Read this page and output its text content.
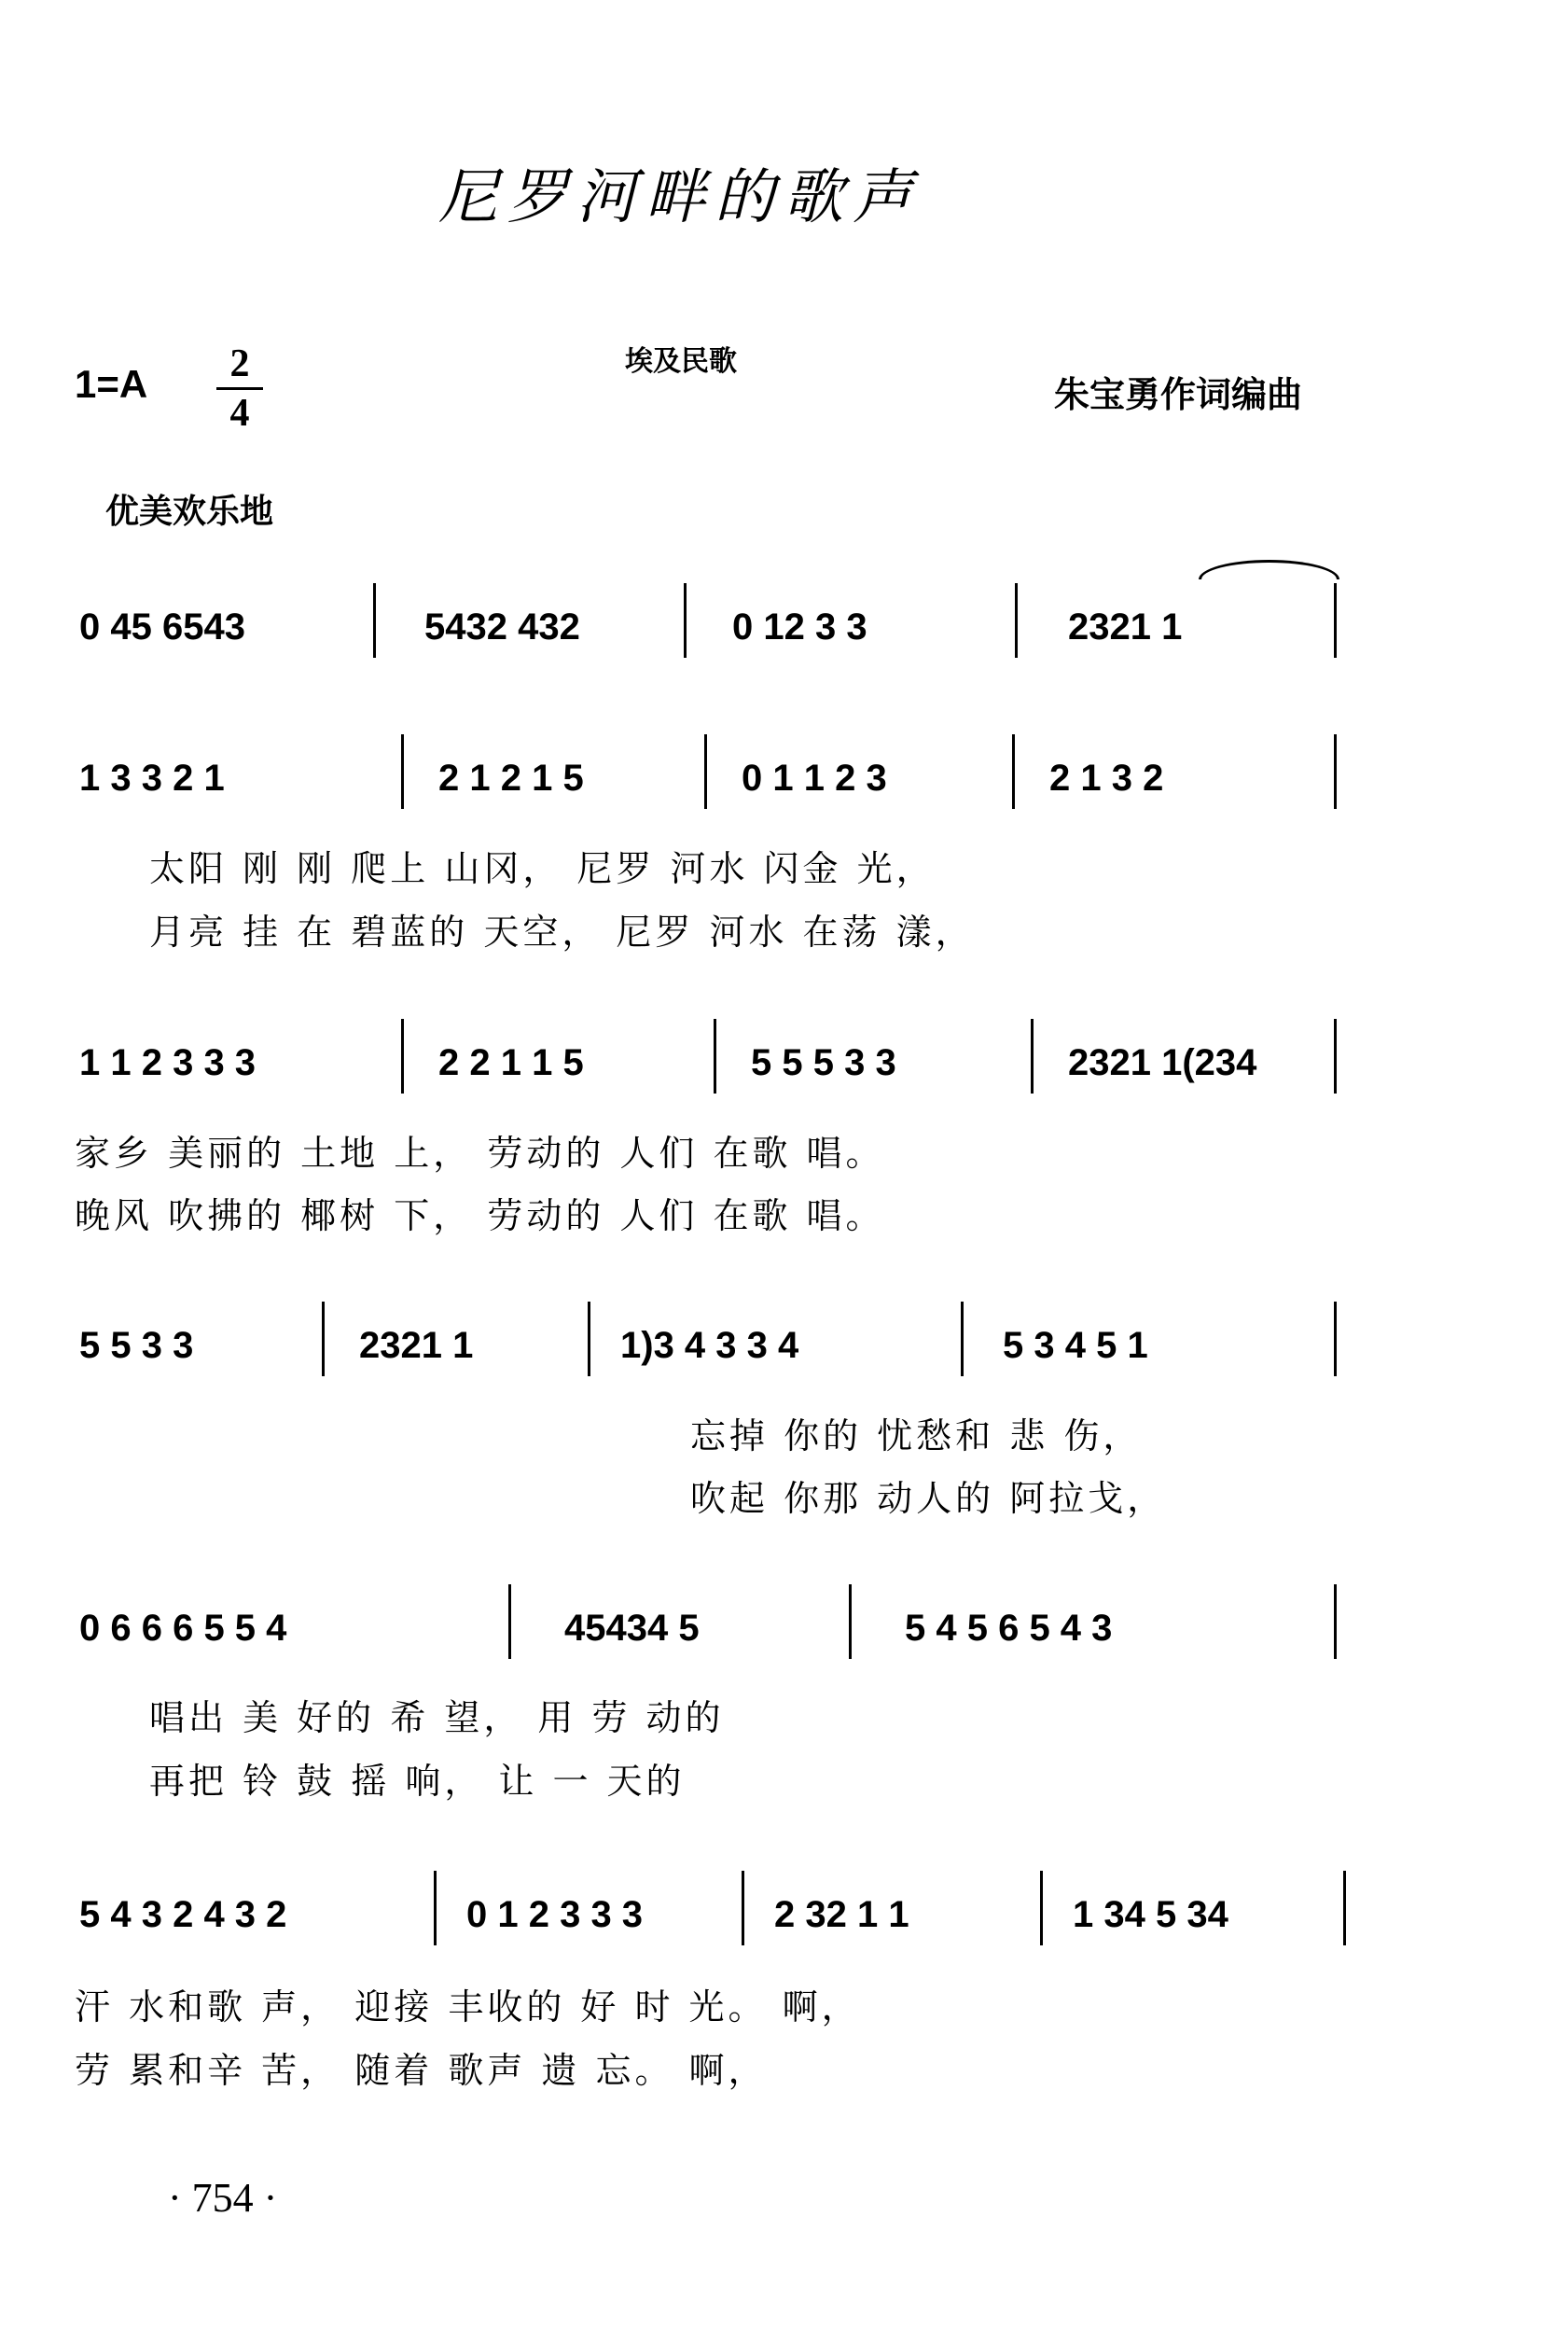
尼罗河畔的歌声
1=A	2
4
埃及民歌
朱宝勇作词编曲
优美欢乐地
0 45 6543	5432 432	0 12 3 3	2321 1
1 3 3 2 1	2 1 2 1 5	0 1 1 2 3	2 1 3 2
太阳 刚 刚 爬上 山冈， 尼罗 河水 闪金 光，
月亮 挂 在 碧蓝的 天空， 尼罗 河水 在荡 漾，
1 1 2 3 3 3	2 2 1 1 5	5 5 5 3 3	2321 1(234
家乡 美丽的 土地 上， 劳动的 人们 在歌 唱。
晚风 吹拂的 椰树 下， 劳动的 人们 在歌 唱。
5 5 3 3	2321 1	1)3 4 3 3 4	5 3 4 5 1
忘掉 你的 忧愁和 悲 伤，
吹起 你那 动人的 阿拉戈，
0 6 6 6 5 5 4	45434 5	5 4 5 6 5 4 3
唱出 美 好的 希 望， 用 劳 动的
再把 铃 鼓 摇 响， 让 一 天的
5 4 3 2 4 3 2	0 1 2 3 3 3	2 32 1 1	1 34 5 34
汗 水和歌 声， 迎接 丰收的 好 时 光。 啊，
劳 累和辛 苦， 随着 歌声 遗 忘。 啊，
· 754 ·
